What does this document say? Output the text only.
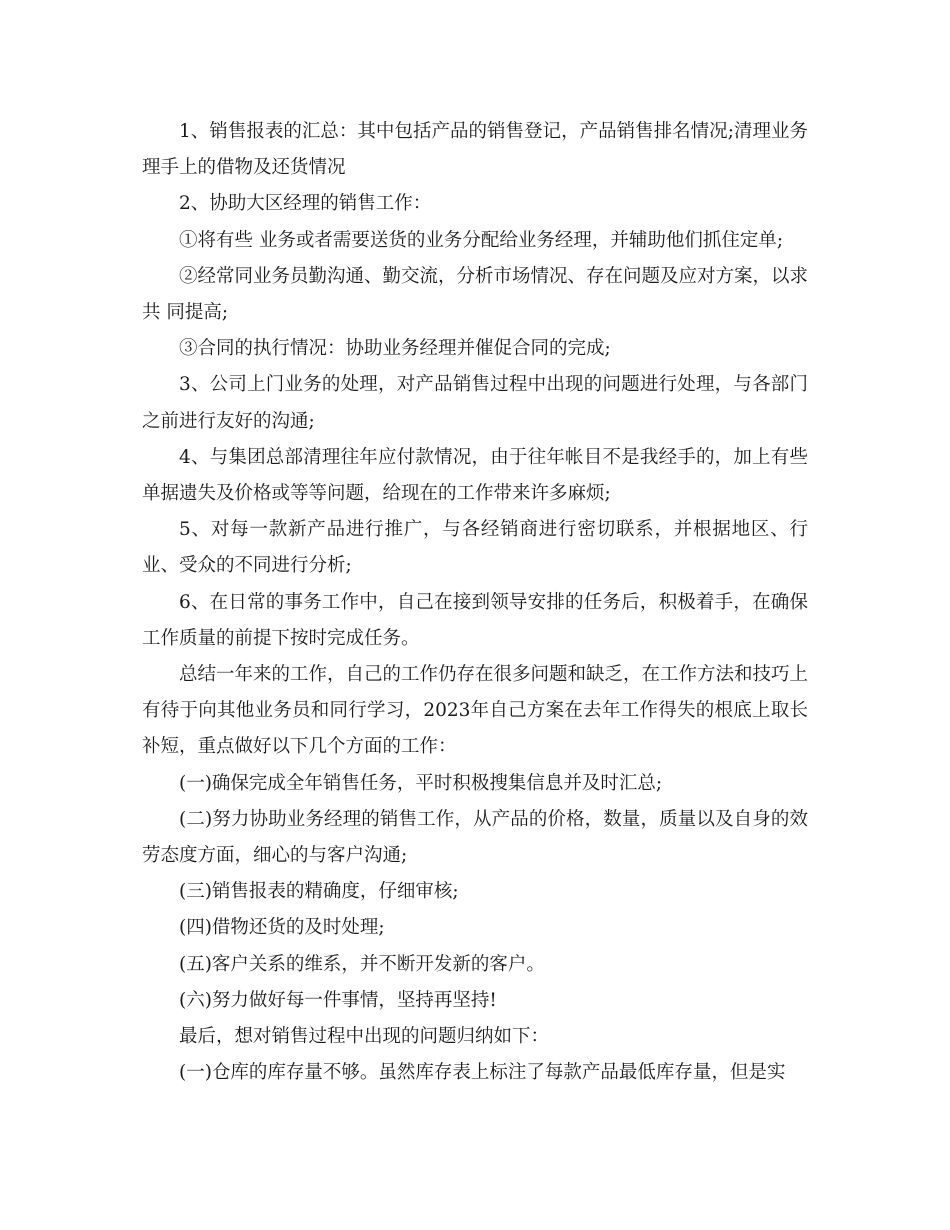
1、销售报表的汇总：其中包括产品的销售登记，产品销售排名情况;清理业务 理手上的借物及还货情况

2、协助大区经理的销售工作：

①将有些 业务或者需要送货的业务分配给业务经理，并辅助他们抓住定单;

②经常同业务员勤沟通、勤交流，分析市场情况、存在问题及应对方案，以求共 同提高;

③合同的执行情况：协助业务经理并催促合同的完成;

3、公司上门业务的处理，对产品销售过程中出现的问题进行处理，与各部门之前进行友好的沟通;

4、与集团总部清理往年应付款情况，由于往年帐目不是我经手的，加上有些单据遗失及价格或等等问题，给现在的工作带来许多麻烦;

5、对每一款新产品进行推广，与各经销商进行密切联系，并根据地区、行业、受众的不同进行分析;

6、在日常的事务工作中，自己在接到领导安排的任务后，积极着手，在确保工作质量的前提下按时完成任务。

总结一年来的工作，自己的工作仍存在很多问题和缺乏，在工作方法和技巧上有待于向其他业务员和同行学习，2023年自己方案在去年工作得失的根底上取长补短，重点做好以下几个方面的工作：

(一)确保完成全年销售任务，平时积极搜集信息并及时汇总;

(二)努力协助业务经理的销售工作，从产品的价格，数量，质量以及自身的效劳态度方面，细心的与客户沟通;

(三)销售报表的精确度，仔细审核;

(四)借物还货的及时处理;

(五)客户关系的维系，并不断开发新的客户。

(六)努力做好每一件事情，坚持再坚持!

最后，想对销售过程中出现的问题归纳如下：

(一)仓库的库存量不够。虽然库存表上标注了每款产品最低库存量，但是实
